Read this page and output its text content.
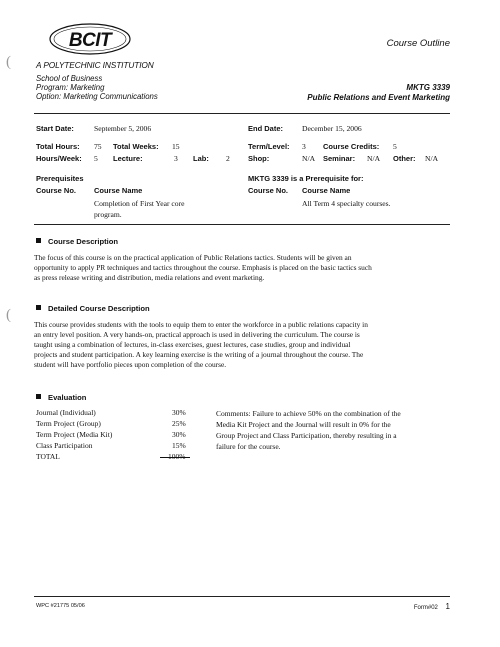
(
(
BCIT
A POLYTECHNIC INSTITUTION
Course Outline
School of Business
Program: Marketing
Option: Marketing Communications
MKTG 3339
Public Relations and Event Marketing
Start Date:	September 5, 2006	End Date: December 15, 2006
Total Hours: 75 Total Weeks: 15	Term/Level: 3 Course Credits: 5
Hours/Week: 5 Lecture:	3 Lab: 2 Shop:	N/A Seminar: N/A Other: N/A
Prerequisites	MKTG 3339 is a Prerequisite for:
Course No. Course Name	Course No. Course Name
Completion of First Year core
program.
All Term 4 specialty courses.
Course Description
The focus of this course is on the practical application of Public Relations tactics. Students will be given an
opportunity to apply PR techniques and tactics throughout the course. Emphasis is placed on the basic tactics such
as press release writing and distribution, media relations and event marketing.
Detailed Course Description
This course provides students with the tools to equip them to enter the workforce in a public relations capacity in
an entry level position. A very hands-on, practical approach is used in delivering the curriculum. The course is
taught using a combination of lectures, in-class exercises, guest lectures, case studies, group and individual
projects and student participation. A key learning exercise is the writing of a journal throughout the course. The
student will have portfolio pieces upon completion of the course.
Evaluation
Journal (Individual)	30%
Term Project (Group)	25%
Term Project (Media Kit)	30%
Class Participation	15%
TOTAL	100%
Comments: Failure to achieve 50% on the combination of the
Media Kit Project and the Journal will result in 0% for the
Group Project and Class Participation, thereby resulting in a
failure for the course.
WPC #21775 05/06	Form#02 1
